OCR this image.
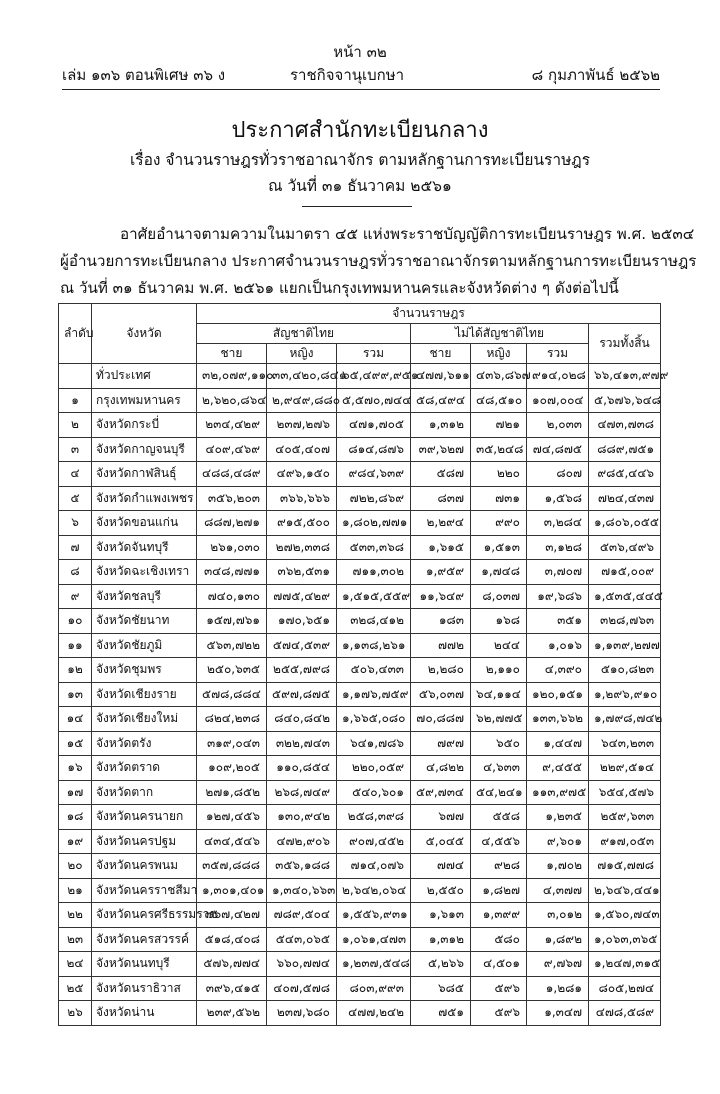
หน้า ๓๒
เล่ม ๑๓๖ ตอนพิเศษ ๓๖ ง	ราชกิจจานุเบกษา	๘ กุมภาพันธ์ ๒๕๖๒
ประกาศสำนักทะเบียนกลาง
เรื่อง จำนวนราษฎรทั่วราชอาณาจักร ตามหลักฐานการทะเบียนราษฎร
ณ วันที่ ๓๑ ธันวาคม ๒๕๖๑
อาศัยอำนาจตามความในมาตรา ๔๕ แห่งพระราชบัญญัติการทะเบียนราษฎร พ.ศ. ๒๕๓๔
ผู้อำนวยการทะเบียนกลาง ประกาศจำนวนราษฎรทั่วราชอาณาจักรตามหลักฐานการทะเบียนราษฎร
ณ วันที่ ๓๑ ธันวาคม พ.ศ. ๒๕๖๑ แยกเป็นกรุงเทพมหานครและจังหวัดต่าง ๆ ดังต่อไปนี้
ลำดับ	จังหวัด	จำนวนราษฎร						
		สัญชาติไทย			ไม่ได้สัญชาติไทย			รวมทั้งสิ้น
		ชาย	หญิง	รวม	ชาย	หญิง	รวม	
	ทั่วประเทศ	๓๒,๐๗๙,๑๑๐	๓๓,๔๒๐,๘๔๑	๖๕,๔๙๙,๙๕๑	๔๗๗,๖๑๑	๔๓๖,๘๖๗	๙๑๔,๐๒๘	๖๖,๔๑๓,๙๗๙
๑	กรุงเทพมหานคร	๒,๖๒๐,๘๖๔	๒,๙๔๙,๘๘๐	๕,๕๗๐,๗๔๔	๕๘,๔๙๔	๔๘,๕๑๐	๑๐๗,๐๐๔	๕,๖๗๖,๖๔๘
๒	จังหวัดกระบี่	๒๓๔,๔๒๙	๒๓๗,๒๗๖	๔๗๑,๗๐๕	๑,๓๑๒	๗๒๑	๒,๐๓๓	๔๗๓,๗๓๘
๓	จังหวัดกาญจนบุรี	๔๐๙,๔๖๙	๔๐๕,๔๐๗	๘๑๔,๘๗๖	๓๙,๖๒๗	๓๕,๒๔๘	๗๔,๘๗๕	๘๘๙,๗๕๑
๔	จังหวัดกาฬสินธุ์	๔๘๘,๔๘๙	๔๙๖,๑๕๐	๙๘๔,๖๓๙	๕๘๗	๒๒๐	๘๐๗	๙๘๕,๔๔๖
๕	จังหวัดกำแพงเพชร	๓๕๖,๒๐๓	๓๖๖,๖๖๖	๗๒๒,๘๖๙	๘๓๗	๗๓๑	๑,๕๖๘	๗๒๔,๔๓๗
๖	จังหวัดขอนแก่น	๘๘๗,๒๗๑	๙๑๕,๕๐๐	๑,๘๐๒,๗๗๑	๒,๒๙๔	๙๙๐	๓,๒๘๔	๑,๘๐๖,๐๕๕
๗	จังหวัดจันทบุรี	๒๖๑,๐๓๐	๒๗๒,๓๓๘	๕๓๓,๓๖๘	๑,๖๑๕	๑,๕๑๓	๓,๑๒๘	๕๓๖,๔๙๖
๘	จังหวัดฉะเชิงเทรา	๓๔๘,๗๗๑	๓๖๒,๕๓๑	๗๑๑,๓๐๒	๑,๙๕๙	๑,๗๔๘	๓,๗๐๗	๗๑๕,๐๐๙
๙	จังหวัดชลบุรี	๗๔๐,๑๓๐	๗๗๕,๔๒๙	๑,๕๑๕,๕๕๙	๑๑,๖๔๙	๘,๐๓๗	๑๙,๖๘๖	๑,๕๓๕,๔๔๕
๑๐	จังหวัดชัยนาท	๑๕๗,๗๖๑	๑๗๐,๖๕๑	๓๒๘,๔๑๒	๑๘๓	๑๖๘	๓๕๑	๓๒๘,๗๖๓
๑๑	จังหวัดชัยภูมิ	๕๖๓,๗๒๒	๕๗๔,๕๓๙	๑,๑๓๘,๒๖๑	๗๗๒	๒๔๔	๑,๐๑๖	๑,๑๓๙,๒๗๗
๑๒	จังหวัดชุมพร	๒๕๐,๖๓๕	๒๕๕,๗๙๘	๕๐๖,๔๓๓	๒,๒๘๐	๒,๑๑๐	๔,๓๙๐	๕๑๐,๘๒๓
๑๓	จังหวัดเชียงราย	๕๗๘,๘๘๔	๕๙๗,๘๗๕	๑,๑๗๖,๗๕๙	๕๖,๐๓๗	๖๔,๑๑๔	๑๒๐,๑๕๑	๑,๒๙๖,๙๑๐
๑๔	จังหวัดเชียงใหม่	๘๒๔,๒๓๘	๘๔๐,๘๔๒	๑,๖๖๕,๐๘๐	๗๐,๘๘๗	๖๒,๗๗๕	๑๓๓,๖๖๒	๑,๗๙๘,๗๔๒
๑๕	จังหวัดตรัง	๓๑๙,๐๔๓	๓๒๒,๗๔๓	๖๔๑,๗๘๖	๗๙๗	๖๕๐	๑,๔๔๗	๖๔๓,๒๓๓
๑๖	จังหวัดตราด	๑๐๙,๒๐๕	๑๑๐,๘๕๔	๒๒๐,๐๕๙	๔,๘๒๒	๔,๖๓๓	๙,๔๕๕	๒๒๙,๕๑๔
๑๗	จังหวัดตาก	๒๗๑,๘๕๒	๒๖๘,๗๔๙	๕๔๐,๖๐๑	๕๙,๗๓๔	๕๔,๒๔๑	๑๑๓,๙๗๕	๖๕๔,๕๗๖
๑๘	จังหวัดนครนายก	๑๒๗,๔๕๖	๑๓๐,๙๔๒	๒๕๘,๓๙๘	๖๗๗	๕๕๘	๑,๒๓๕	๒๕๙,๖๓๓
๑๙	จังหวัดนครปฐม	๔๓๔,๕๔๖	๔๗๒,๙๐๖	๙๐๗,๔๕๒	๕,๐๔๕	๔,๕๕๖	๙,๖๐๑	๙๑๗,๐๕๓
๒๐	จังหวัดนครพนม	๓๕๗,๘๘๘	๓๕๖,๑๘๘	๗๑๔,๐๗๖	๗๗๔	๙๒๘	๑,๗๐๒	๗๑๕,๗๗๘
๒๑	จังหวัดนครราชสีมา	๑,๓๐๑,๔๐๑	๑,๓๔๐,๖๖๓	๒,๖๔๒,๐๖๔	๒,๕๕๐	๑,๘๒๗	๔,๓๗๗	๒,๖๔๖,๔๔๑
๒๒	จังหวัดนครศรีธรรมราช	๗๖๗,๔๒๗	๗๘๙,๕๐๔	๑,๕๕๖,๙๓๑	๑,๖๑๓	๑,๓๙๙	๓,๐๑๒	๑,๕๖๐,๗๔๓
๒๓	จังหวัดนครสวรรค์	๕๑๘,๔๐๘	๕๔๓,๐๖๕	๑,๐๖๑,๔๗๓	๑,๓๑๒	๕๘๐	๑,๘๙๒	๑,๐๖๓,๓๖๕
๒๔	จังหวัดนนทบุรี	๕๗๖,๗๗๔	๖๖๐,๗๗๔	๑,๒๓๗,๕๔๘	๕,๒๖๖	๔,๕๐๑	๙,๗๖๗	๑,๒๔๗,๓๑๕
๒๕	จังหวัดนราธิวาส	๓๙๖,๔๑๕	๔๐๗,๕๗๘	๘๐๓,๙๙๓	๖๘๕	๕๙๖	๑,๒๘๑	๘๐๕,๒๗๔
๒๖	จังหวัดน่าน	๒๓๙,๕๖๒	๒๓๗,๖๘๐	๔๗๗,๒๔๒	๗๕๑	๕๙๖	๑,๓๔๗	๔๗๘,๕๘๙
